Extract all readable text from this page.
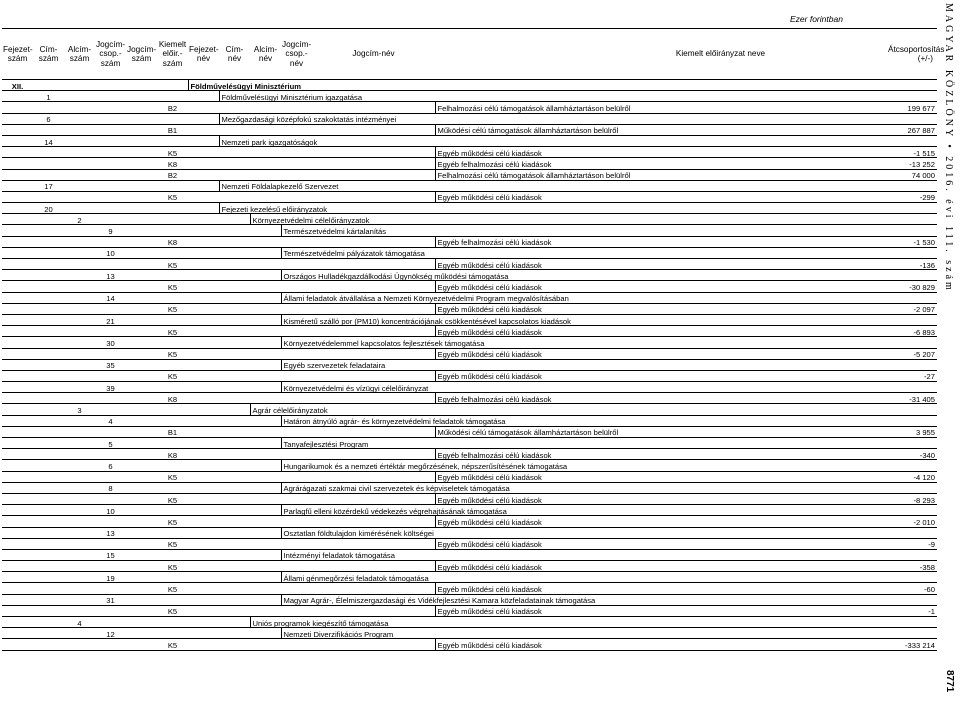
Ezer forintban
Fejezet-szám	Cím-szám	Alcím-szám	Jogcím-csop.-szám	Jogcím-szám	Kiemelt előir.-szám	Fejezet-név	Cím-név	Alcím-név	Jogcím-csop.-név	Jogcím-név	Kiemelt előirányzat neve	Átcsoportosítás (+/-)
XII.						Földművelésügyi Minisztérium						
	1						Földművelésügyi Minisztérium igazgatása					
					B2						Felhalmozási célú támogatások államháztartáson belülről	199 677
	6						Mezőgazdasági középfokú szakoktatás intézményei					
					B1						Működési célú támogatások államháztartáson belülről	267 887
	14						Nemzeti park igazgatóságok					
					K5						Egyéb működési célú kiadások	-1 515
					K8						Egyéb felhalmozási célú kiadások	-13 252
					B2						Felhalmozási célú támogatások államháztartáson belülről	74 000
	17						Nemzeti Földalapkezelő Szervezet					
					K5						Egyéb működési célú kiadások	-299
	20						Fejezeti kezelésű előirányzatok					
		2						Környezetvédelmi célelőirányzatok				
			9						Természetvédelmi kártalanítás			
					K8						Egyéb felhalmozási célú kiadások	-1 530
			10						Természetvédelmi pályázatok támogatása			
					K5						Egyéb működési célú kiadások	-136
			13						Országos Hulladékgazdálkodási Ügynökség működési támogatása			
					K5						Egyéb működési célú kiadások	-30 829
			14						Állami feladatok átvállalása a Nemzeti Környezetvédelmi Program megvalósításában			
					K5						Egyéb működési célú kiadások	-2 097
			21						Kisméretű szálló por (PM10) koncentrációjának csökkentésével kapcsolatos kiadások			
					K5						Egyéb működési célú kiadások	-6 893
			30						Környezetvédelemmel kapcsolatos fejlesztések támogatása			
					K5						Egyéb működési célú kiadások	-5 207
			35						Egyéb szervezetek feladataira			
					K5						Egyéb működési célú kiadások	-27
			39						Környezetvédelmi és vízügyi célelőirányzat			
					K8						Egyéb felhalmozási célú kiadások	-31 405
		3						Agrár célelőirányzatok				
			4						Határon átnyúló agrár- és környezetvédelmi feladatok támogatása			
					B1						Működési célú támogatások államháztartáson belülről	3 955
			5						Tanyafejlesztési Program			
					K8						Egyéb felhalmozási célú kiadások	-340
			6						Hungarikumok és a nemzeti értéktár megőrzésének, népszerűsítésének támogatása			
					K5						Egyéb működési célú kiadások	-4 120
			8						Agrárágazati szakmai civil szervezetek és képviseletek támogatása			
					K5						Egyéb működési célú kiadások	-8 293
			10						Parlagfű elleni közérdekű védekezés végrehajtásának támogatása			
					K5						Egyéb működési célú kiadások	-2 010
			13						Osztatlan földtulajdon kimérésének költségei			
					K5						Egyéb működési célú kiadások	-9
			15						Intézményi feladatok támogatása			
					K5						Egyéb működési célú kiadások	-358
			19						Állami génmegőrzési feladatok támogatása			
					K5						Egyéb működési célú kiadások	-60
			31						Magyar Agrár-, Élelmiszergazdasági és Vidékfejlesztési Kamara közfeladatainak támogatása			
					K5						Egyéb működési célú kiadások	-1
		4						Uniós programok kiegészítő támogatása				
			12						Nemzeti Diverzifikációs Program			
					K5						Egyéb működési célú kiadások	-333 214
MAGYAR KÖZLÖNY • 2016. évi 111. szám
8771
